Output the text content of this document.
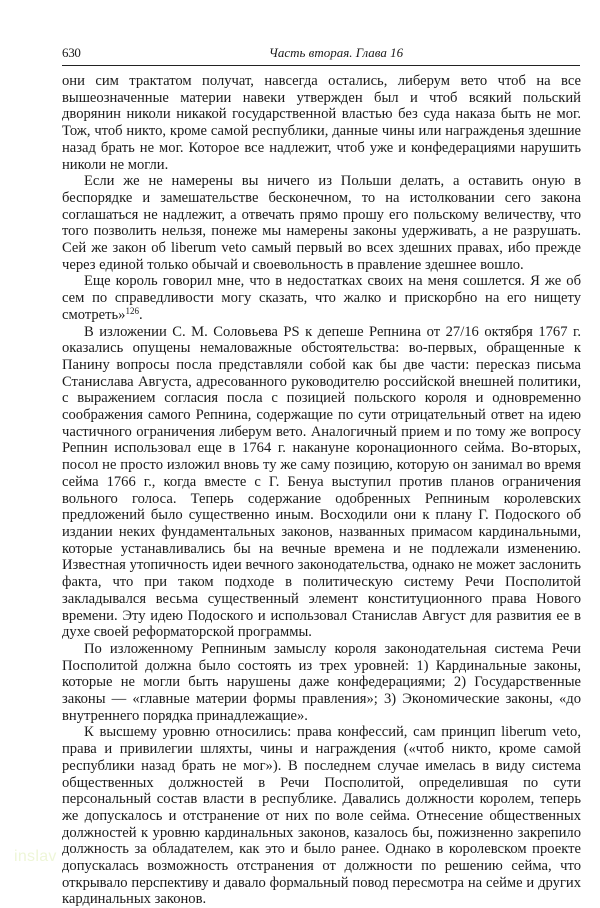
630	Часть вторая. Глава 16

они сим трактатом получат, навсегда остались, либерум вето чтоб на все вышеозначенные материи навеки утвержден был и чтоб всякий польский дворянин николи никакой государственной властью без суда наказа быть не мог. Тож, чтоб никто, кроме самой республики, данные чины или награжденья здешние назад брать не мог. Которое все надлежит, чтоб уже и конфедерациями нарушить николи не могли.

Если же не намерены вы ничего из Польши делать, а оставить оную в беспорядке и замешательстве бесконечном, то на истолковании сего закона соглашаться не надлежит, а отвечать прямо прошу его польскому величеству, что того позволить нельзя, понеже мы намерены законы удерживать, а не разрушать. Сей же закон об liberum veto самый первый во всех здешних правах, ибо прежде через единой только обычай и своевольность в правление здешнее вошло.

Еще король говорил мне, что в недостатках своих на меня сошлется. Я же об сем по справедливости могу сказать, что жалко и прискорбно на его нищету смотреть»$^{126}$.

В изложении С. М. Соловьева PS к депеше Репнина от 27/16 октября 1767 г. оказались опущены немаловажные обстоятельства: во-первых, обращенные к Панину вопросы посла представляли собой как бы две части: пересказ письма Станислава Августа, адресованного руководителю российской внешней политики, с выражением согласия посла с позицией польского короля и одновременно соображения самого Репнина, содержащие по сути отрицательный ответ на идею частичного ограничения либерум вето. Аналогичный прием и по тому же вопросу Репнин использовал еще в 1764 г. накануне коронационного сейма. Во-вторых, посол не просто изложил вновь ту же саму позицию, которую он занимал во время сейма 1766 г., когда вместе с Г. Бенуа выступил против планов ограничения вольного голоса. Теперь содержание одобренных Репниным королевских предложений было существенно иным. Восходили они к плану Г. Подоского об издании неких фундаментальных законов, названных примасом кардинальными, которые устанавливались бы на вечные времена и не подлежали изменению. Известная утопичность идеи вечного законодательства, однако не может заслонить факта, что при таком подходе в политическую систему Речи Посполитой закладывался весьма существенный элемент конституционного права Нового времени. Эту идею Подоского и использовал Станислав Август для развития ее в духе своей реформаторской программы.

По изложенному Репниным замыслу короля законодательная система Речи Посполитой должна было состоять из трех уровней: 1) Кардинальные законы, которые не могли быть нарушены даже конфедерациями; 2) Государственные законы — «главные материи формы правления»; 3) Экономические законы, «до внутреннего порядка принадлежащие».

К высшему уровню относились: права конфессий, сам принцип liberum veto, права и привилегии шляхты, чины и награждения («чтоб никто, кроме самой республики назад брать не мог»). В последнем случае имелась в виду система общественных должностей в Речи Посполитой, определившая по сути персональный состав власти в республике. Давались должности королем, теперь же допускалось и отстранение от них по воле сейма. Отнесение общественных должностей к уровню кардинальных законов, казалось бы, пожизненно закрепило должность за обладателем, как это и было ранее. Однако в королевском проекте допускалась возможность отстранения от должности по решению сейма, что открывало перспективу и давало формальный повод пересмотра на сейме и других кардинальных законов.

inslav
